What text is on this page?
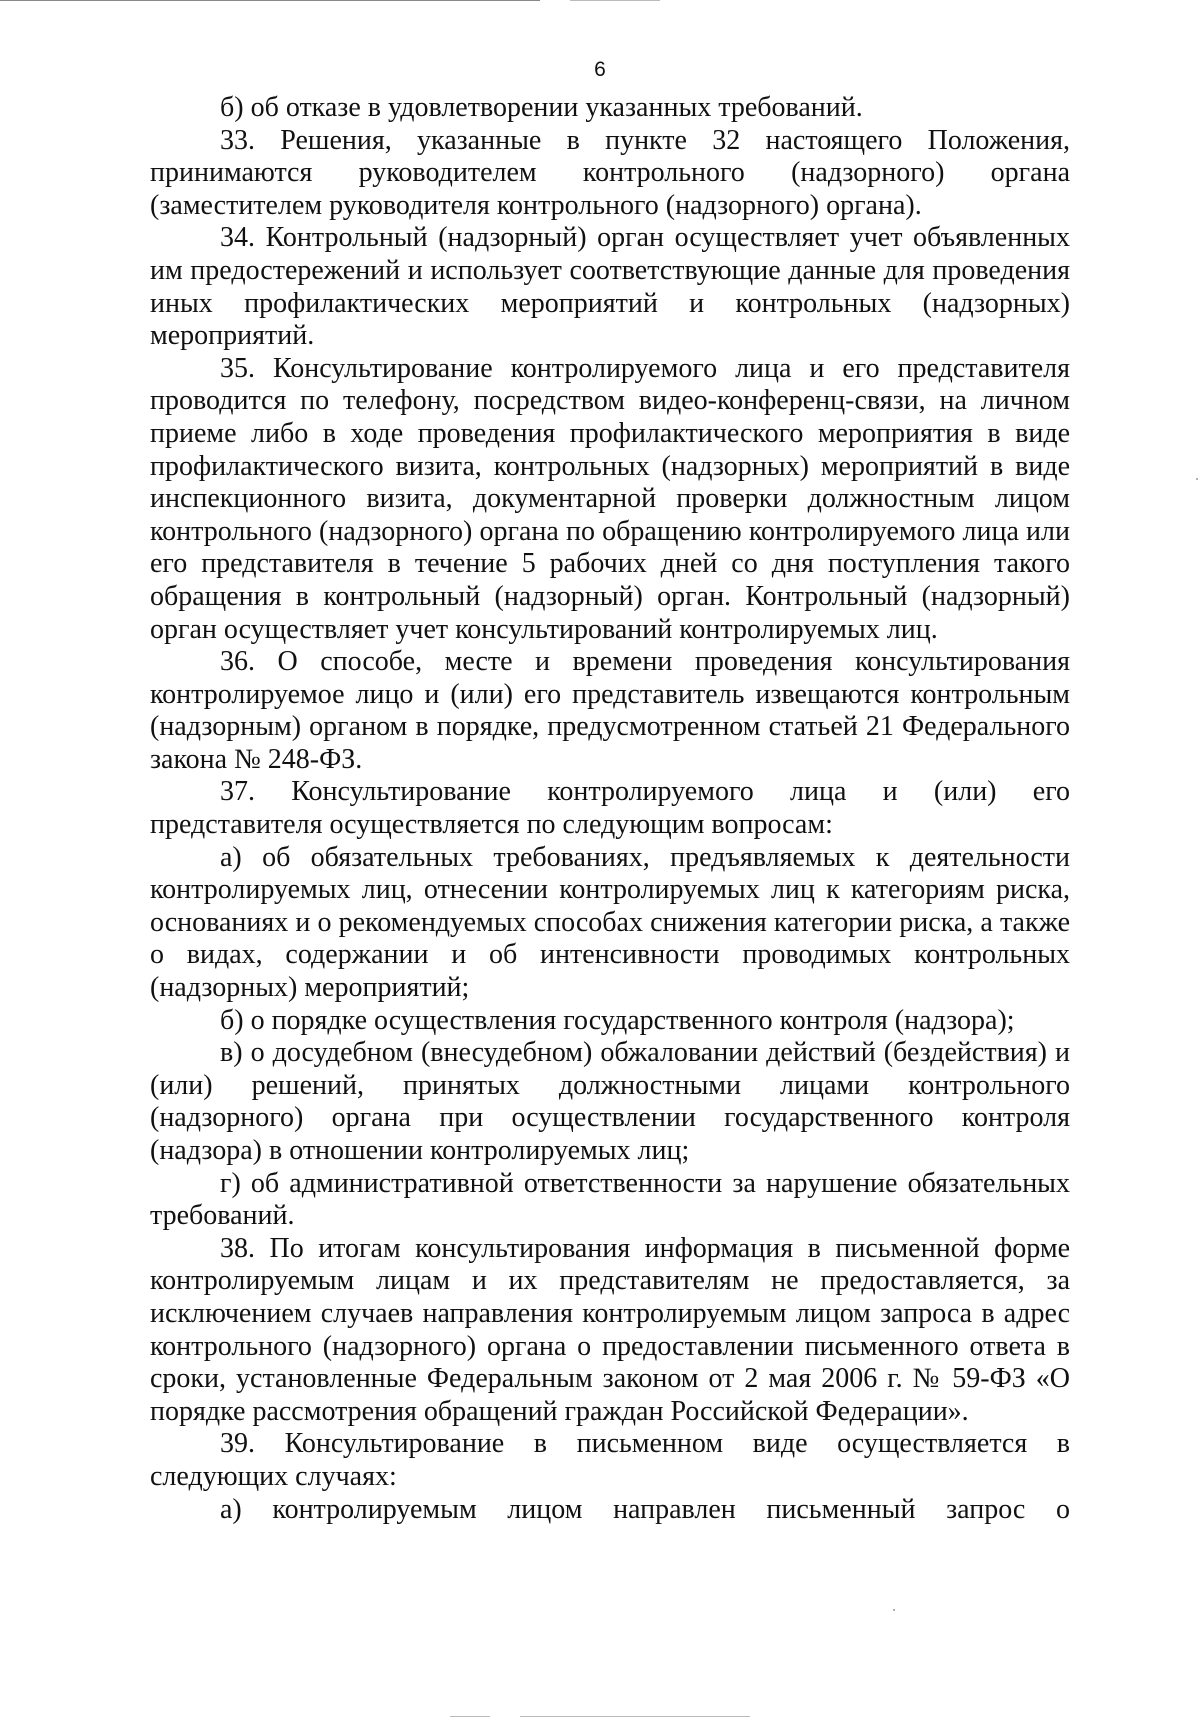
6

б) об отказе в удовлетворении указанных требований.

33. Решения, указанные в пункте 32 настоящего Положения, принимаются руководителем контрольного (надзорного) органа (заместителем руководителя контрольного (надзорного) органа).

34. Контрольный (надзорный) орган осуществляет учет объявленных им предостережений и использует соответствующие данные для проведения иных профилактических мероприятий и контрольных (надзорных) мероприятий.

35. Консультирование контролируемого лица и его представителя проводится по телефону, посредством видео-конференц-связи, на личном приеме либо в ходе проведения профилактического мероприятия в виде профилактического визита, контрольных (надзорных) мероприятий в виде инспекционного визита, документарной проверки должностным лицом контрольного (надзорного) органа по обращению контролируемого лица или его представителя в течение 5 рабочих дней со дня поступления такого обращения в контрольный (надзорный) орган. Контрольный (надзорный) орган осуществляет учет консультирований контролируемых лиц.

36. О способе, месте и времени проведения консультирования контролируемое лицо и (или) его представитель извещаются контрольным (надзорным) органом в порядке, предусмотренном статьей 21 Федерального закона № 248-ФЗ.

37. Консультирование контролируемого лица и (или) его представителя осуществляется по следующим вопросам:

а) об обязательных требованиях, предъявляемых к деятельности контролируемых лиц, отнесении контролируемых лиц к категориям риска, основаниях и о рекомендуемых способах снижения категории риска, а также о видах, содержании и об интенсивности проводимых контрольных (надзорных) мероприятий;

б) о порядке осуществления государственного контроля (надзора);

в) о досудебном (внесудебном) обжаловании действий (бездействия) и (или) решений, принятых должностными лицами контрольного (надзорного) органа при осуществлении государственного контроля (надзора) в отношении контролируемых лиц;

г) об административной ответственности за нарушение обязательных требований.

38. По итогам консультирования информация в письменной форме контролируемым лицам и их представителям не предоставляется, за исключением случаев направления контролируемым лицом запроса в адрес контрольного (надзорного) органа о предоставлении письменного ответа в сроки, установленные Федеральным законом от 2 мая 2006 г. № 59-ФЗ «О порядке рассмотрения обращений граждан Российской Федерации».

39. Консультирование в письменном виде осуществляется в следующих случаях:

а) контролируемым лицом направлен письменный запрос о
